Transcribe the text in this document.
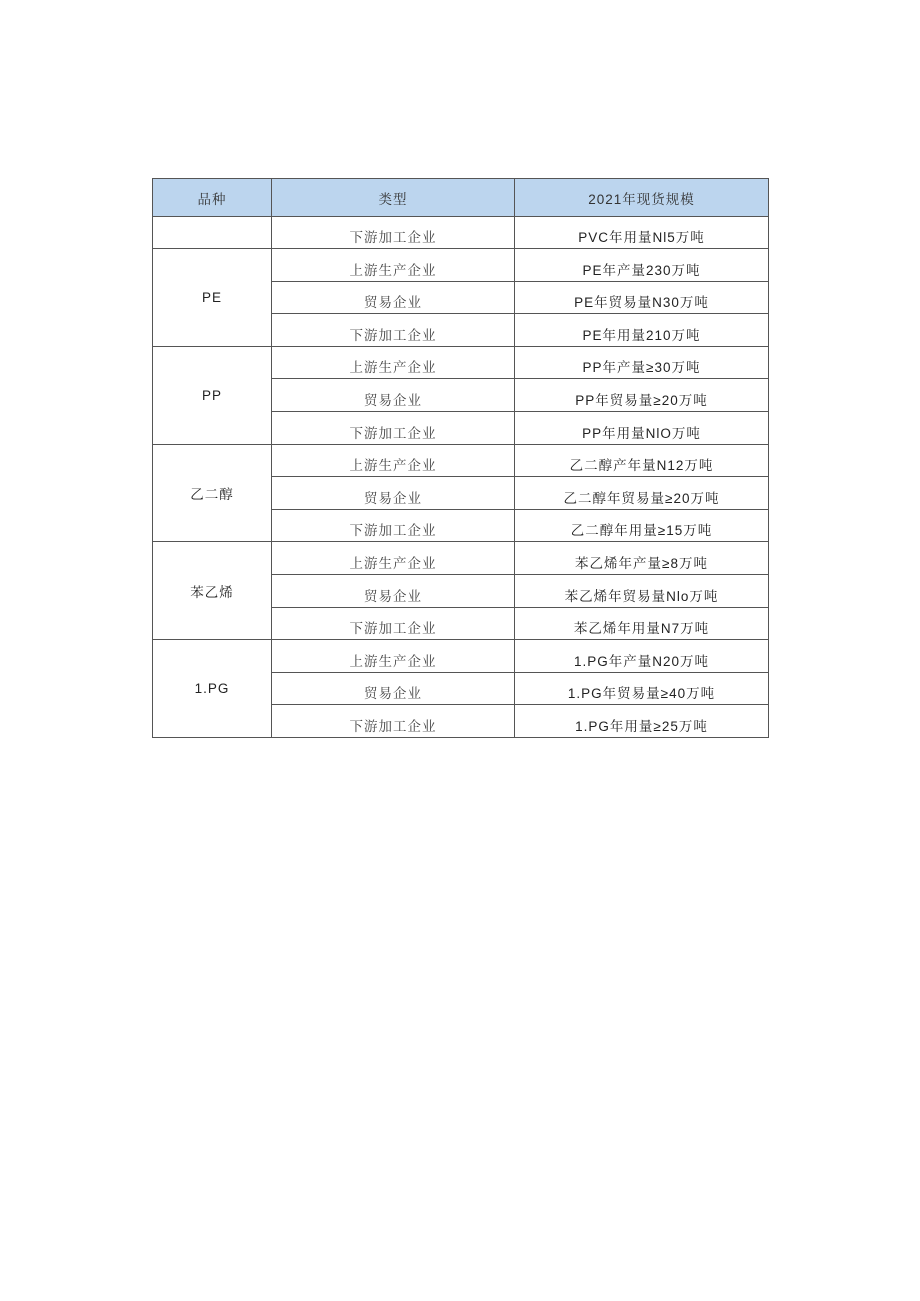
品种	类型	2021年现货规模
	下游加工企业	PVC年用量Nl5万吨
PE	上游生产企业	PE年产量230万吨
	贸易企业	PE年贸易量N30万吨
	下游加工企业	PE年用量210万吨
PP	上游生产企业	PP年产量≥30万吨
	贸易企业	PP年贸易量≥20万吨
	下游加工企业	PP年用量NlO万吨
乙二醇	上游生产企业	乙二醇产年量N12万吨
	贸易企业	乙二醇年贸易量≥20万吨
	下游加工企业	乙二醇年用量≥15万吨
苯乙烯	上游生产企业	苯乙烯年产量≥8万吨
	贸易企业	苯乙烯年贸易量Nlo万吨
	下游加工企业	苯乙烯年用量N7万吨
1.PG	上游生产企业	1.PG年产量N20万吨
	贸易企业	1.PG年贸易量≥40万吨
	下游加工企业	1.PG年用量≥25万吨
